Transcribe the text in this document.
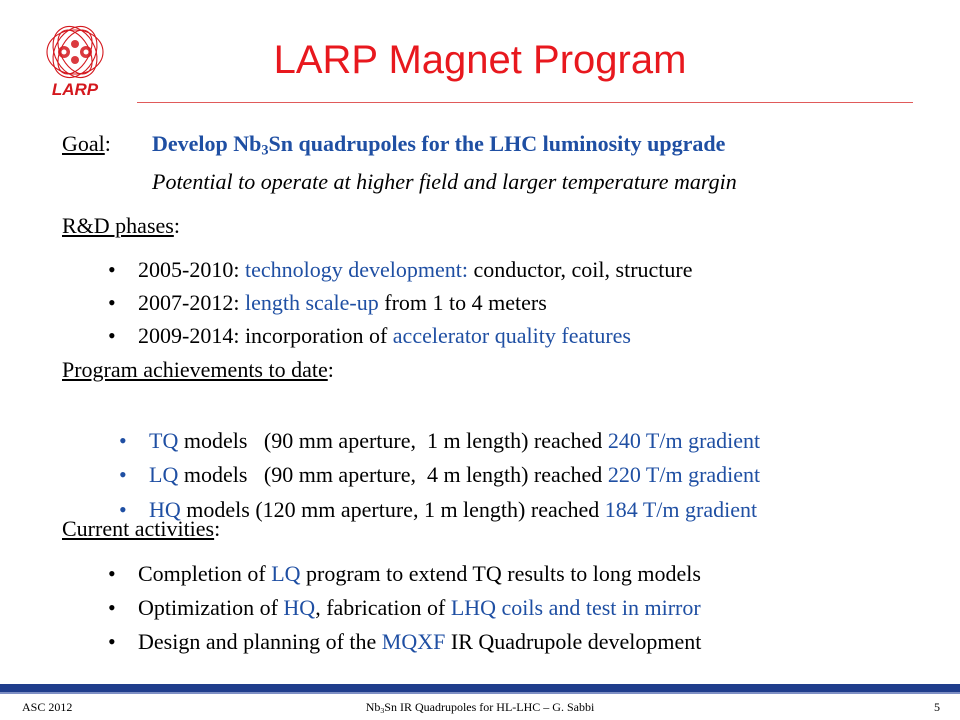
LARP
LARP Magnet Program
Goal: Develop $Nb_3Sn$ quadrupoles for the LHC luminosity upgrade
Potential to operate at higher field and larger temperature margin
R&D phases:
• 2005-2010: technology development: conductor, coil, structure
• 2007-2012: length scale-up from 1 to 4 meters
• 2009-2014: incorporation of accelerator quality features
Program achievements to date:

• TQ models   (90 mm aperture,  1 m length) reached 240 T/m gradient

• LQ models   (90 mm aperture,  4 m length) reached 220 T/m gradient

• HQ models (120 mm aperture, 1 m length) reached 184 T/m gradient

Current activities:
• Completion of LQ program to extend TQ results to long models
• Optimization of HQ, fabrication of LHQ coils and test in mirror
• Design and planning of the MQXF IR Quadrupole development
ASC 2012	$Nb_3Sn$ IR Quadrupoles for HL-LHC – G. Sabbi	5
